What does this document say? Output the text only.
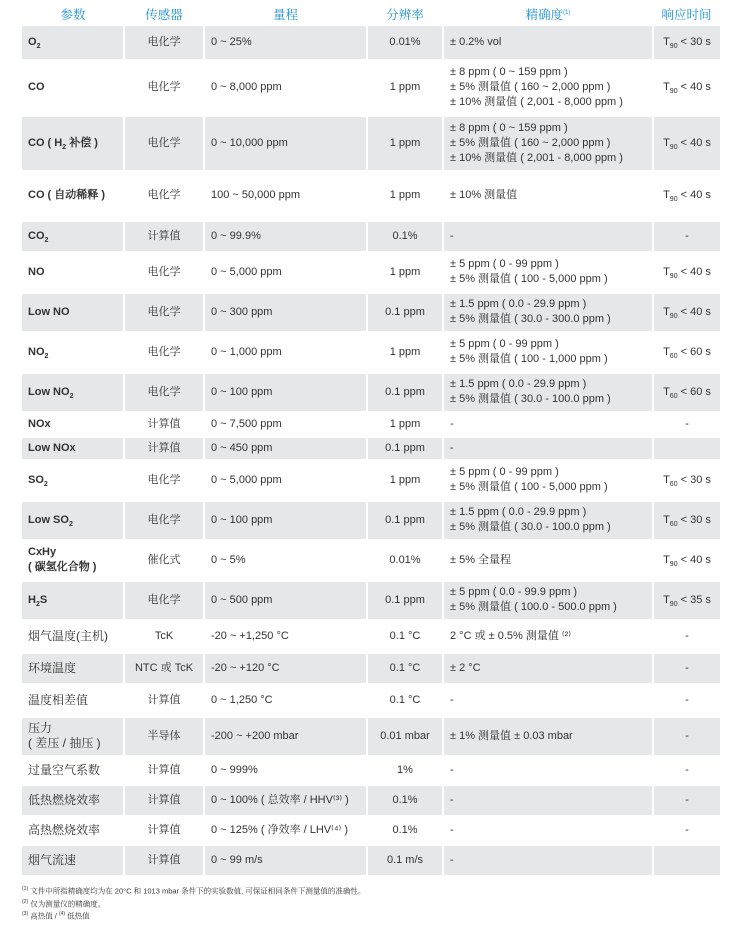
参数	传感器	量程	分辨率	精确度$^{(1)}$	响应时间

$O_2$	电化学	0 ~ 25%	0.01%	± 0.2% vol	$T_{90} < 30$ s

CO	电化学	0 ~ 8,000 ppm	1 ppm	± 8 ppm ( 0 ~ 159 ppm )
± 5% 测量值 ( 160 ~ 2,000 ppm )
± 10% 测量值 ( 2,001 - 8,000 ppm )	$T_{90} < 40$ s

CO ( $H_2$ 补偿 )	电化学	0 ~ 10,000 ppm	1 ppm	± 8 ppm ( 0 ~ 159 ppm )
± 5% 测量值 ( 160 ~ 2,000 ppm )
± 10% 测量值 ( 2,001 - 8,000 ppm )	$T_{90} < 40$ s

CO ( 自动稀释 )	电化学	100 ~ 50,000 ppm	1 ppm	± 10% 测量值	$T_{90} < 40$ s

$CO_2$	计算值	0 ~ 99.9%	0.1%	-	-

NO	电化学	0 ~ 5,000 ppm	1 ppm	± 5 ppm ( 0 - 99 ppm )
± 5% 测量值 ( 100 - 5,000 ppm )	$T_{90} < 40$ s

Low NO	电化学	0 ~ 300 ppm	0.1 ppm	± 1.5 ppm ( 0.0 - 29.9 ppm )
± 5% 测量值 ( 30.0 - 300.0 ppm )	$T_{90} < 40$ s

$NO_2$	电化学	0 ~ 1,000 ppm	1 ppm	± 5 ppm ( 0 - 99 ppm )
± 5% 测量值 ( 100 - 1,000 ppm )	$T_{60} < 60$ s

Low $NO_2$	电化学	0 ~ 100 ppm	0.1 ppm	± 1.5 ppm ( 0.0 - 29.9 ppm )
± 5% 测量值 ( 30.0 - 100.0 ppm )	$T_{60} < 60$ s

NOx	计算值	0 ~ 7,500 ppm	1 ppm	-	-

Low NOx	计算值	0 ~ 450 ppm	0.1 ppm	-	

$SO_2$	电化学	0 ~ 5,000 ppm	1 ppm	± 5 ppm ( 0 - 99 ppm )
± 5% 测量值 ( 100 - 5,000 ppm )	$T_{60} < 30$ s

Low $SO_2$	电化学	0 ~ 100 ppm	0.1 ppm	± 1.5 ppm ( 0.0 - 29.9 ppm )
± 5% 测量值 ( 30.0 - 100.0 ppm )	$T_{60} < 30$ s

CxHy
( 碳氢化合物 )	催化式	0 ~ 5%	0.01%	± 5% 全量程	$T_{90} < 40$ s

$H_2S$	电化学	0 ~ 500 ppm	0.1 ppm	± 5 ppm ( 0.0 - 99.9 ppm )
± 5% 测量值 ( 100.0 - 500.0 ppm )	$T_{90} < 35$ s

烟气温度(主机)	TcK	-20 ~ +1,250 °C	0.1 °C	2 °C 或 ± 0.5% 测量值 ⁽²⁾	-

环境温度	NTC 或 TcK	-20 ~ +120 °C	0.1 °C	± 2 °C	-

温度相差值	计算值	0 ~ 1,250 °C	0.1 °C	-	-

压力
( 差压 / 抽压 )	半导体	-200 ~ +200 mbar	0.01 mbar	± 1% 测量值 ± 0.03 mbar	-

过量空气系数	计算值	0 ~ 999%	1%	-	-

低热燃烧效率	计算值	0 ~ 100% ( 总效率 / HHV⁽³⁾ )	0.1%	-	-

高热燃烧效率	计算值	0 ~ 125% ( 净效率 / LHV⁽⁴⁾ )	0.1%	-	-

烟气流速	计算值	0 ~ 99 m/s	0.1 m/s	-	

$^{(1)}$ 文件中所指精确度均为在 20°C 和 1013 mbar 条件下的实验数值, 可保证相同条件下测量值的准确性。
$^{(2)}$ 仅为测量仪的精确度。
$^{(3)}$ 高热值 / $^{(4)}$ 低热值
